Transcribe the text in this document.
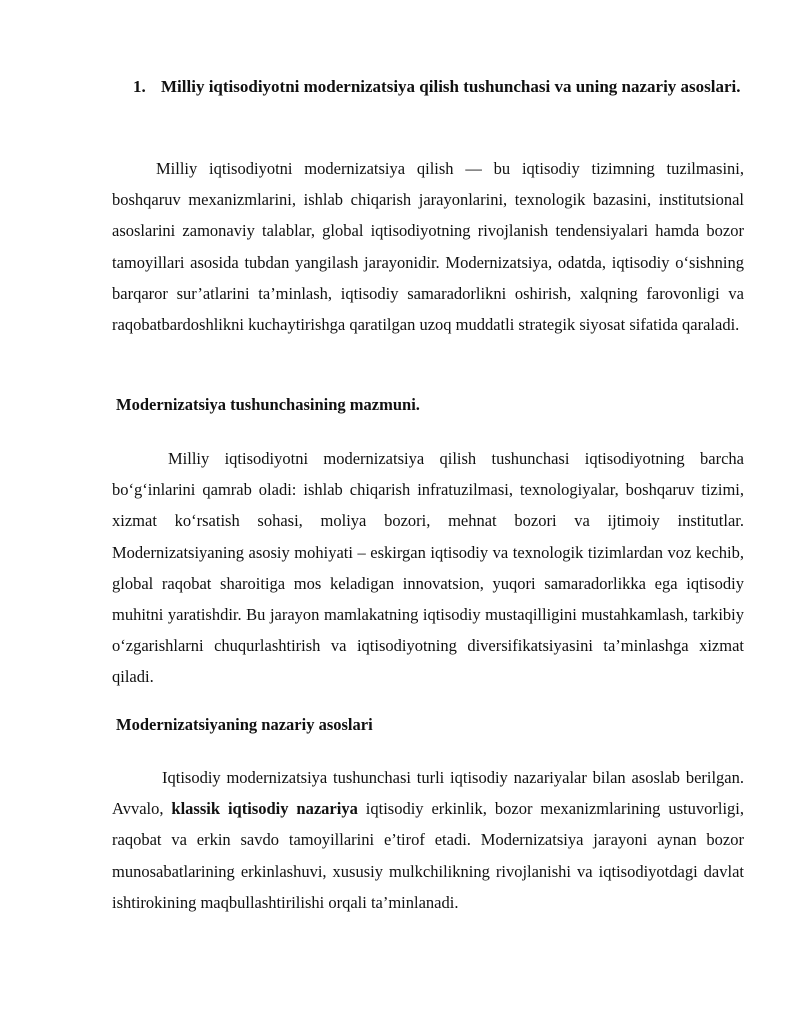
1. Milliy iqtisodiyotni modernizatsiya qilish tushunchasi va uning nazariy asoslari.

Milliy iqtisodiyotni modernizatsiya qilish — bu iqtisodiy tizimning tuzilmasini, boshqaruv mexanizmlarini, ishlab chiqarish jarayonlarini, texnologik bazasini, institutsional asoslarini zamonaviy talablar, global iqtisodiyotning rivojlanish tendensiyalari hamda bozor tamoyillari asosida tubdan yangilash jarayonidir. Modernizatsiya, odatda, iqtisodiy o‘sishning barqaror sur’atlarini ta’minlash, iqtisodiy samaradorlikni oshirish, xalqning farovonligi va raqobatbardoshlikni kuchaytirishga qaratilgan uzoq muddatli strategik siyosat sifatida qaraladi.

Modernizatsiya tushunchasining mazmuni.

Milliy iqtisodiyotni modernizatsiya qilish tushunchasi iqtisodiyotning barcha bo‘g‘inlarini qamrab oladi: ishlab chiqarish infratuzilmasi, texnologiyalar, boshqaruv tizimi, xizmat ko‘rsatish sohasi, moliya bozori, mehnat bozori va ijtimoiy institutlar. Modernizatsiyaning asosiy mohiyati – eskirgan iqtisodiy va texnologik tizimlardan voz kechib, global raqobat sharoitiga mos keladigan innovatsion, yuqori samaradorlikka ega iqtisodiy muhitni yaratishdir. Bu jarayon mamlakatning iqtisodiy mustaqilligini mustahkamlash, tarkibiy o‘zgarishlarni chuqurlashtirish va iqtisodiyotning diversifikatsiyasini ta’minlashga xizmat qiladi.

Modernizatsiyaning nazariy asoslari

Iqtisodiy modernizatsiya tushunchasi turli iqtisodiy nazariyalar bilan asoslab berilgan. Avvalo, klassik iqtisodiy nazariya iqtisodiy erkinlik, bozor mexanizmlarining ustuvorligi, raqobat va erkin savdo tamoyillarini e’tirof etadi. Modernizatsiya jarayoni aynan bozor munosabatlarining erkinlashuvi, xususiy mulkchilikning rivojlanishi va iqtisodiyotdagi davlat ishtirokining maqbullashtirilishi orqali ta’minlanadi.
